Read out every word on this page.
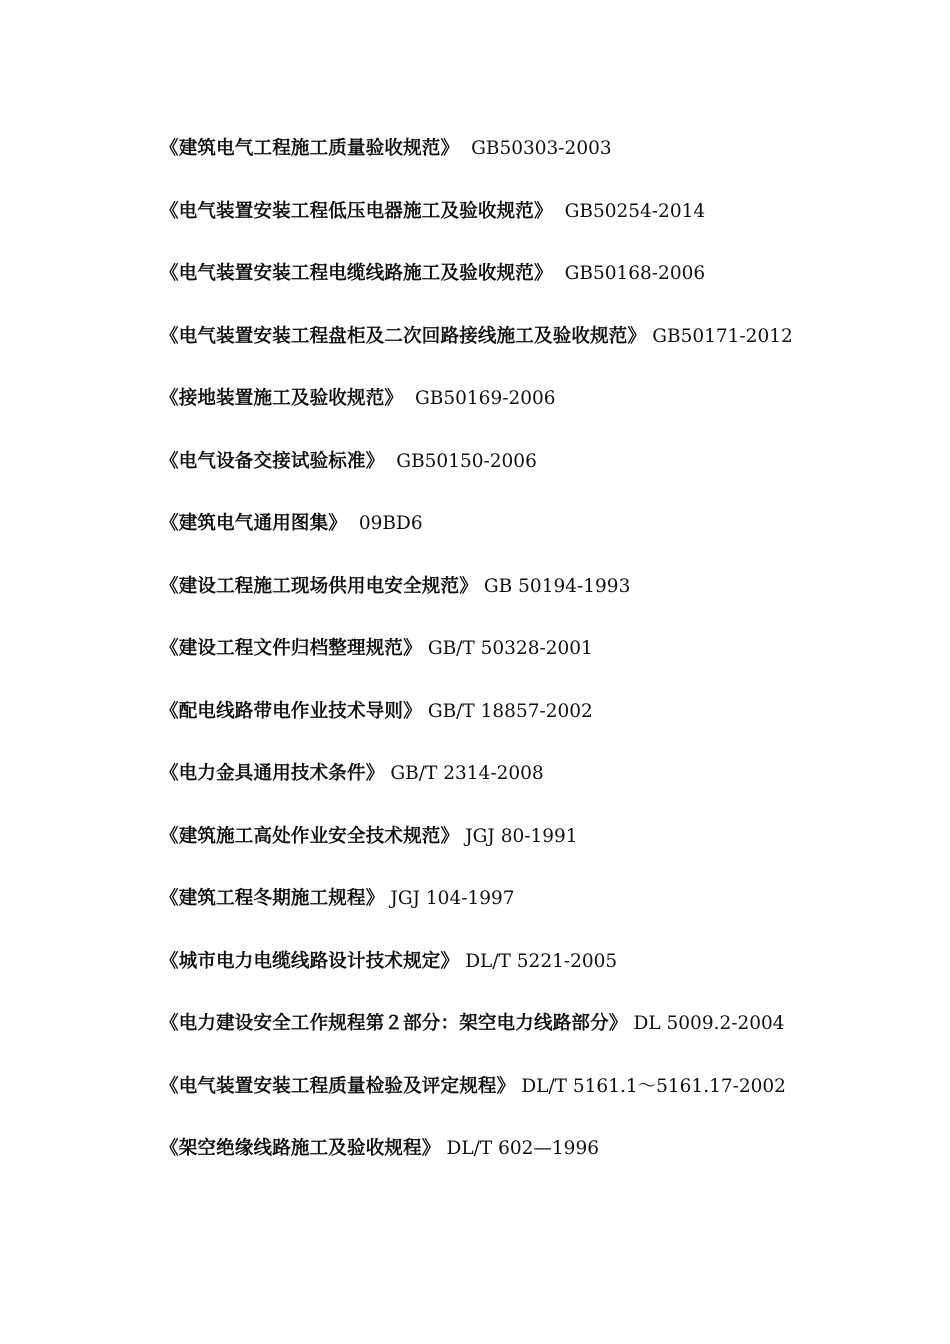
《建筑电气工程施工质量验收规范》 GB50303-2003
《电气装置安装工程低压电器施工及验收规范》 GB50254-2014
《电气装置安装工程电缆线路施工及验收规范》 GB50168-2006
《电气装置安装工程盘柜及二次回路接线施工及验收规范》 GB50171-2012
《接地装置施工及验收规范》 GB50169-2006
《电气设备交接试验标准》 GB50150-2006
《建筑电气通用图集》 09BD6
《建设工程施工现场供用电安全规范》 GB 50194-1993
《建设工程文件归档整理规范》 GB/T 50328-2001
《配电线路带电作业技术导则》 GB/T 18857-2002
《电力金具通用技术条件》 GB/T 2314-2008
《建筑施工高处作业安全技术规范》 JGJ 80-1991
《建筑工程冬期施工规程》 JGJ 104-1997
《城市电力电缆线路设计技术规定》 DL/T 5221-2005
《电力建设安全工作规程第２部分：架空电力线路部分》 DL 5009.2-2004
《电气装置安装工程质量检验及评定规程》 DL/T 5161.1～5161.17-2002
《架空绝缘线路施工及验收规程》 DL/T 602—1996
